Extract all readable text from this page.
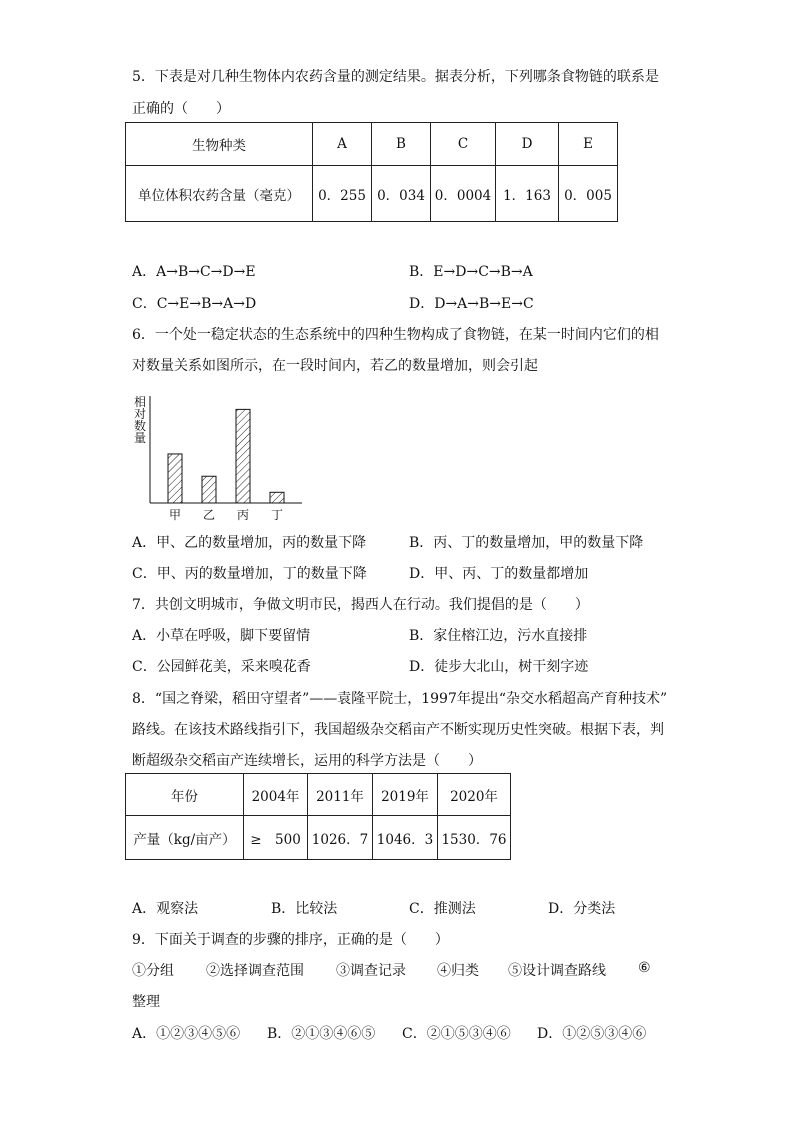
5．下表是对几种生物体内农药含量的测定结果。据表分析，下列哪条食物链的联系是
正确的（　　）
生物种类	A	B	C	D	E
单位体积农药含量（毫克）	0．255	0．034	0．0004	1．163	0．005
A．A→B→C→D→E	B．E→D→C→B→A
C．C→E→B→A→D	D．D→A→B→E→C
6．一个处一稳定状态的生态系统中的四种生物构成了食物链，在某一时间内它们的相
对数量关系如图所示，在一段时间内，若乙的数量增加，则会引起
相
对
数
量
甲 乙 丙 丁
A．甲、乙的数量增加，丙的数量下降	B．丙、丁的数量增加，甲的数量下降
C．甲、丙的数量增加，丁的数量下降	D．甲、丙、丁的数量都增加
7．共创文明城市，争做文明市民，揭西人在行动。我们提倡的是（　　）
A．小草在呼吸，脚下要留情	B．家住榕江边，污水直接排
C．公园鲜花美，采来嗅花香	D．徒步大北山，树干刻字迹
8．“国之脊梁，稻田守望者”——袁隆平院士，1997年提出“杂交水稻超高产育种技术”
路线。在该技术路线指引下，我国超级杂交稻亩产不断实现历史性突破。根据下表，判
断超级杂交稻亩产连续增长，运用的科学方法是（　　）
年份	2004年	2011年	2019年	2020年
产量（kg/亩产）	≥　500	1026．7	1046．3	1530．76
A．观察法	B．比较法	C．推测法	D．分类法
9．下面关于调查的步骤的排序，正确的是（　　）
①分组 ②选择调查范围 ③调查记录 ④归类 ⑤设计调查路线 ⑥
整理
A．①②③④⑤⑥ B．②①③④⑥⑤ C．②①⑤③④⑥ D．①②⑤③④⑥
